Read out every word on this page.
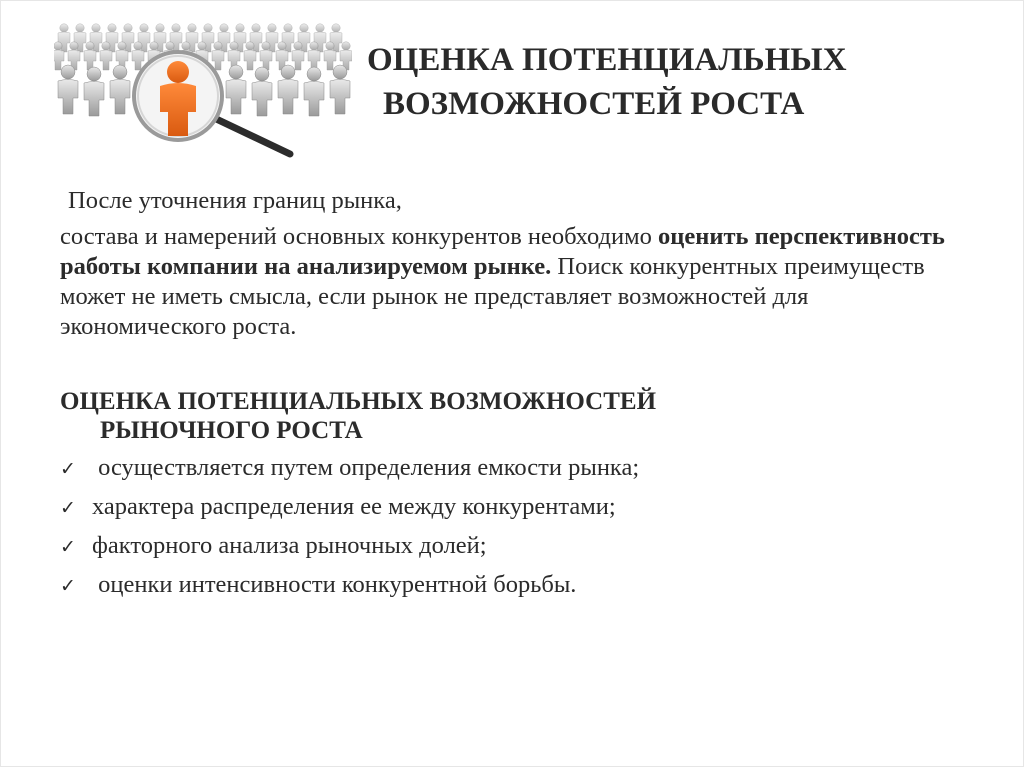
ОЦЕНКА ПОТЕНЦИАЛЬНЫХ
ВОЗМОЖНОСТЕЙ РОСТА

После уточнения границ рынка,

состава и намерений основных конкурентов необходимо оценить перспективность работы компании на анализируемом рынке. Поиск конкурентных преимуществ может не иметь смысла, если рынок не представляет возможностей для экономического роста.

ОЦЕНКА ПОТЕНЦИАЛЬНЫХ ВОЗМОЖНОСТЕЙ
РЫНОЧНОГО РОСТА
✓ осуществляется путем определения емкости рынка;
✓ характера распределения ее между конкурентами;
✓ факторного анализа рыночных долей;
✓ оценки интенсивности конкурентной борьбы.
